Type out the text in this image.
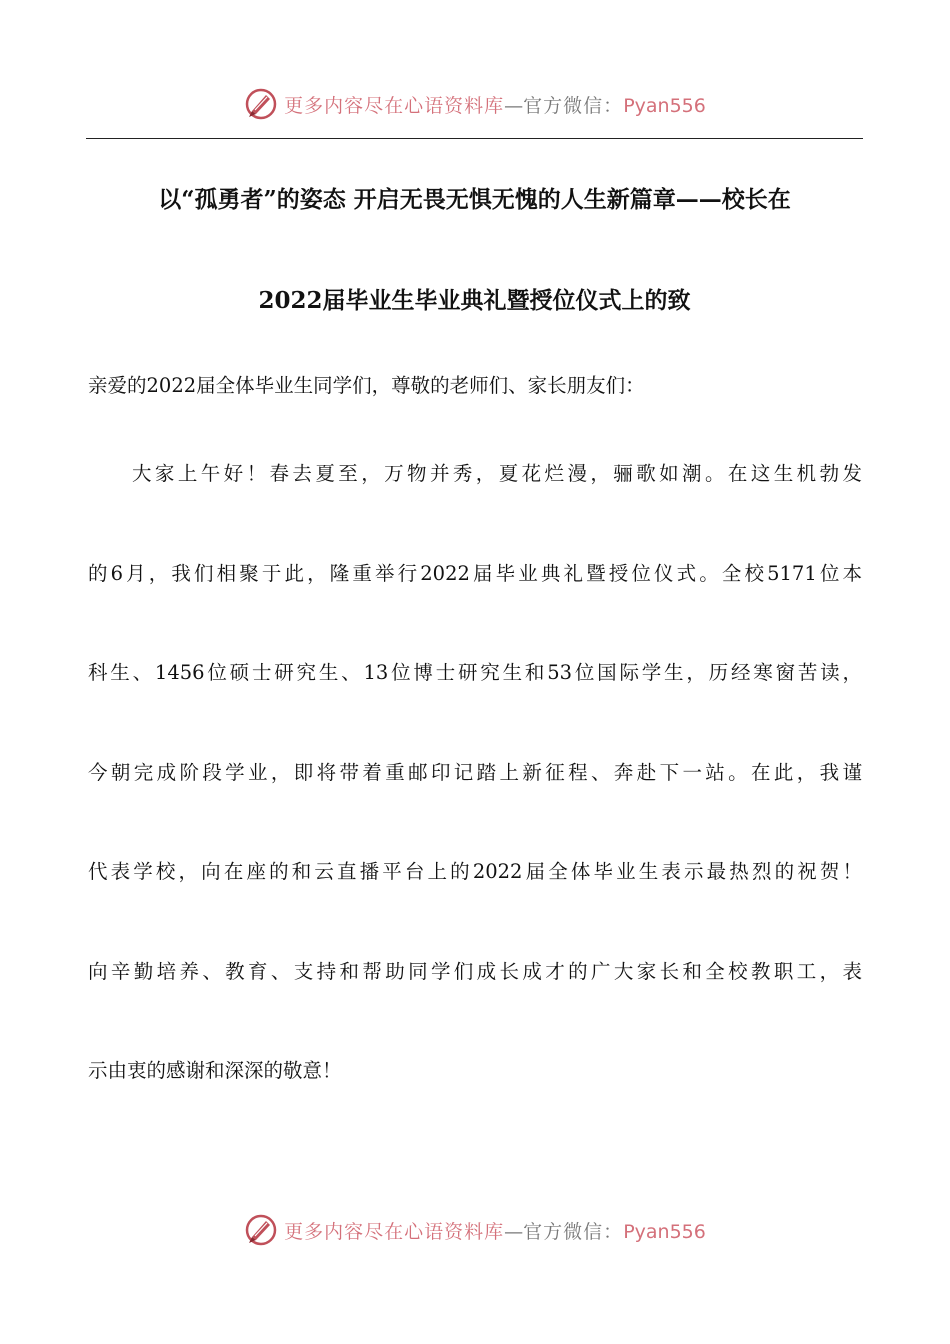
更多内容尽在心语资料库—官方微信：Pyan556
以“孤勇者”的姿态 开启无畏无惧无愧的人生新篇章——校长在
2022届毕业生毕业典礼暨授位仪式上的致
亲爱的2022届全体毕业生同学们，尊敬的老师们、家长朋友们：
大家上午好！春去夏至，万物并秀，夏花烂漫，骊歌如潮。在这生机勃发
的6月，我们相聚于此，隆重举行2022届毕业典礼暨授位仪式。全校5171位本
科生、1456位硕士研究生、13位博士研究生和53位国际学生，历经寒窗苦读，
今朝完成阶段学业，即将带着重邮印记踏上新征程、奔赴下一站。在此，我谨
代表学校，向在座的和云直播平台上的2022届全体毕业生表示最热烈的祝贺！
向辛勤培养、教育、支持和帮助同学们成长成才的广大家长和全校教职工，表
示由衷的感谢和深深的敬意！
更多内容尽在心语资料库—官方微信：Pyan556
